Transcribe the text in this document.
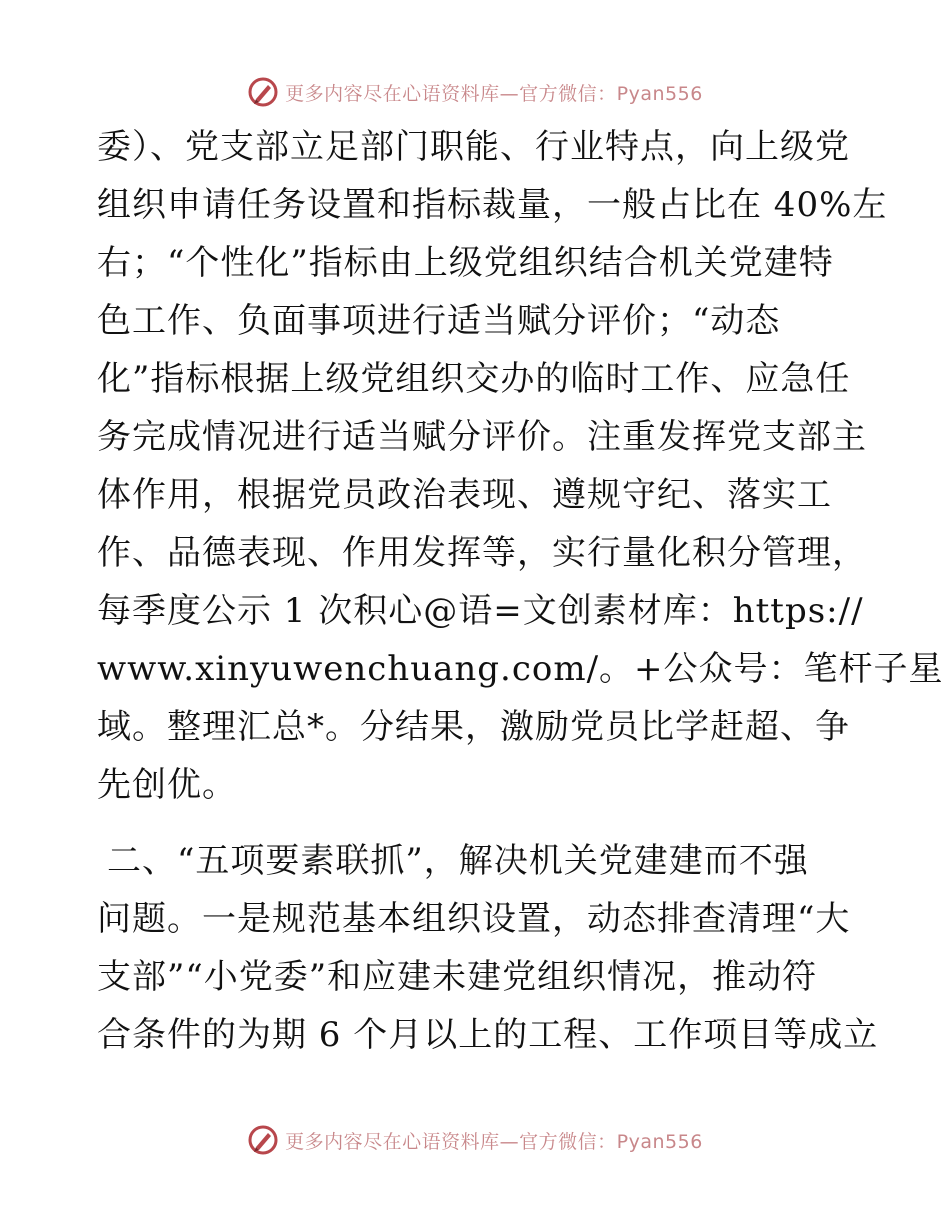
更多内容尽在心语资料库—官方微信：Pyan556
委）、党支部立足部门职能、行业特点，向上级党
组织申请任务设置和指标裁量，一般占比在 40%左
右；“个性化”指标由上级党组织结合机关党建特
色工作、负面事项进行适当赋分评价；“动态
化”指标根据上级党组织交办的临时工作、应急任
务完成情况进行适当赋分评价。注重发挥党支部主
体作用，根据党员政治表现、遵规守纪、落实工
作、品德表现、作用发挥等，实行量化积分管理，
每季度公示 1 次积心@语=文创素材库：https://
www.xinyuwenchuang.com/。+公众号：笔杆子星
域。整理汇总*。分结果，激励党员比学赶超、争
先创优。
二、“五项要素联抓”，解决机关党建建而不强
问题。一是规范基本组织设置，动态排查清理“大
支部”“小党委”和应建未建党组织情况，推动符
合条件的为期 6 个月以上的工程、工作项目等成立
更多内容尽在心语资料库—官方微信：Pyan556
